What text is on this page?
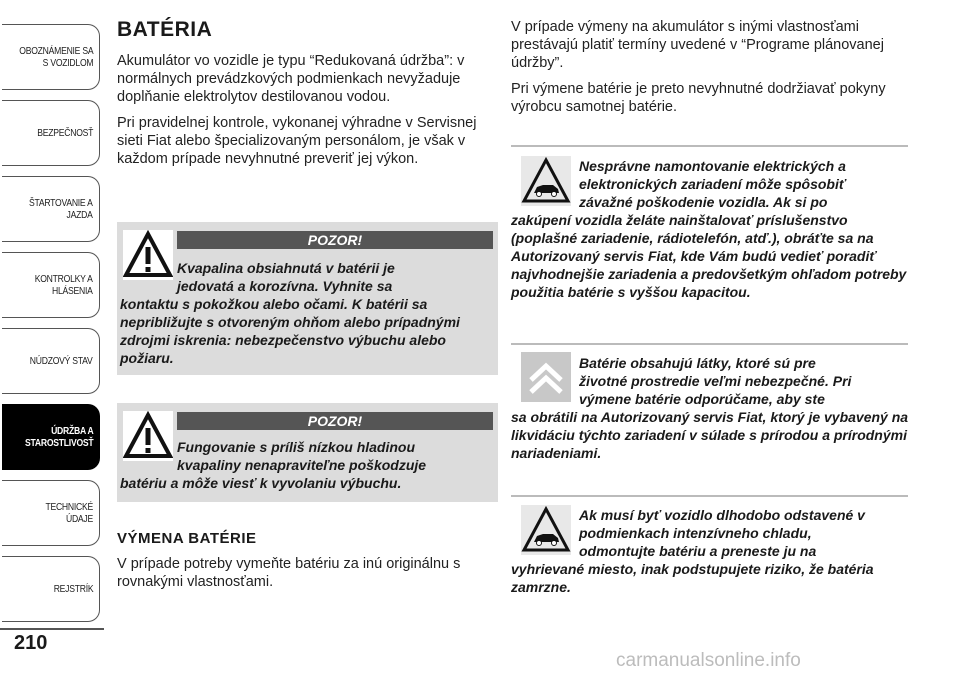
OBOZNÁMENIE SA
S VOZIDLOM
BEZPEČNOSŤ
ŠTARTOVANIE A
JAZDA
KONTROLKY A
HLÁSENIA
NÚDZOVÝ STAV
ÚDRŽBA A
STAROSTLIVOSŤ
TECHNICKÉ ÚDAJE
REJSTRÍK
210
BATÉRIA

Akumulátor vo vozidle je typu “Redukovaná údržba”: v normálnych prevádzkových podmienkach nevyžaduje doplňanie elektrolytov destilovanou vodou.

Pri pravidelnej kontrole, vykonanej výhradne v Servisnej sieti Fiat alebo špecializovaným personálom, je však v každom prípade nevyhnutné preveriť jej výkon.

POZOR!
Kvapalina obsiahnutá v batérii je
jedovatá a korozívna. Vyhnite sa
kontaktu s pokožkou alebo očami. K batérii sa nepribližujte s otvoreným ohňom alebo prípadnými zdrojmi iskrenia: nebezpečenstvo výbuchu alebo požiaru.
POZOR!
Fungovanie s príliš nízkou hladinou
kvapaliny nenapraviteľne poškodzuje
batériu a môže viesť k vyvolaniu výbuchu.
VÝMENA BATÉRIE

V prípade potreby vymeňte batériu za inú originálnu s rovnakými vlastnosťami.

V prípade výmeny na akumulátor s inými vlastnosťami prestávajú platiť termíny uvedené v “Programe plánovanej údržby”.

Pri výmene batérie je preto nevyhnutné dodržiavať pokyny výrobcu samotnej batérie.

Nesprávne namontovanie elektrických a
elektronických zariadení môže spôsobiť
závažné poškodenie vozidla. Ak si po
zakúpení vozidla želáte nainštalovať príslušenstvo (poplašné zariadenie, rádiotelefón, atď.), obráťte sa na Autorizovaný servis Fiat, kde Vám budú vedieť poradiť najvhodnejšie zariadenia a predovšetkým ohľadom potreby použitia batérie s vyššou kapacitou.
Batérie obsahujú látky, ktoré sú pre
životné prostredie veľmi nebezpečné. Pri
výmene batérie odporúčame, aby ste
sa obrátili na Autorizovaný servis Fiat, ktorý je vybavený na likvidáciu týchto zariadení v súlade s prírodou a prírodnými nariadeniami.
Ak musí byť vozidlo dlhodobo odstavené v
podmienkach intenzívneho chladu,
odmontujte batériu a preneste ju na
vyhrievané miesto, inak podstupujete riziko, že batéria zamrzne.
carmanualsonline.info
